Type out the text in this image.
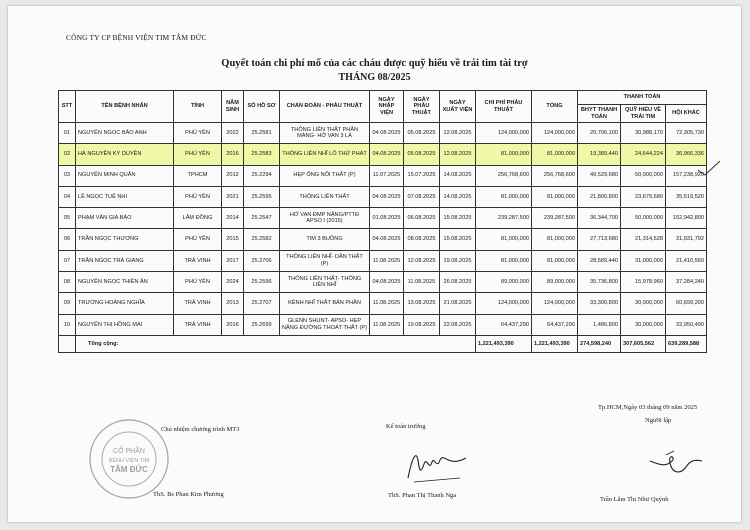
CÔNG TY CP BỆNH VIỆN TIM TÂM ĐỨC
Quyết toán chi phí mổ của các cháu được quỹ hiếu về trái tim tài trợ
THÁNG 08/2025
STT	TÊN BỆNH NHÂN	TỈNH	NĂM SINH	SỐ HỒ SƠ	CHẨN ĐOÁN - PHẪU THUẬT	NGÀY NHẬP VIỆN	NGÀY PHẪU THUẬT	NGÀY XUẤT VIỆN	CHI PHÍ PHẪU THUẬT	TỔNG	THANH TOÁN		
											BHYT THANH TOÁN	QUỸ HIẾU VỀ TRÁI TIM	HỘI KHÁC
01	NGUYỄN NGỌC BẢO ANH	PHÚ YÊN	2022	25.2581	THÔNG LIÊN THẤT PHẦN MÀNG- HỞ VAN 3 LÁ	04.08.2025	05.08.2025	12.08.2025	124,000,000	124,000,000	20,706,100	30,988,170	72,305,730
02	HÀ NGUYỄN KỲ DUYÊN	PHÚ YÊN	2016	25.2583	THÔNG LIÊN NHĨ LỖ THỨ PHÁT	04.08.2025	05.08.2025	12.08.2025	81,000,000	81,000,000	19,389,440	24,644,224	36,966,336
03	NGUYỄN MINH QUÂN	TPHCM	2012	25.2294	HẸP ỐNG NỐI THẤT (P)	11.07.2025	15.07.2025	14.08.2025	256,768,600	256,768,600	49,529,680	50,000,000	157,238,920
04	LÊ NGỌC TUỆ NHI	PHÚ YÊN	2021	25.2595	THÔNG LIÊN THẤT	04.08.2025	07.08.2025	14.08.2025	81,000,000	81,000,000	21,800,800	23,679,680	35,519,520
05	PHẠM VĂN GIA BẢO	LÂM ĐỒNG	2014	25.2547	HỞ VAN ĐMP NẶNG/PTTĐ APSO I (2015)	01.08.2025	06.08.2025	15.08.2025	239,287,500	239,287,500	36,344,700	50,000,000	152,942,800
06	TRẦN NGỌC THƯƠNG	PHÚ YÊN	2015	25.2582	TIM 3 BUỒNG	04.08.2025	08.08.2025	15.08.2025	81,000,000	81,000,000	27,713,680	21,314,528	31,931,792
07	TRẦN NGỌC TRÀ GIANG	TRÀ VINH	2017	25.2706	THÔNG LIÊN NHĨ- DÂN THẤT (P)	11.08.2025	12.08.2025	19.08.2025	81,000,000	81,000,000	28,589,440	31,000,000	21,410,560
08	NGUYỄN NGỌC THIÊN ÂN	PHÚ YÊN	2024	25.2596	THÔNG LIÊN THẤT- THÔNG LIÊN NHĨ	04.08.2025	11.08.2025	26.08.2025	89,000,000	89,000,000	35,736,800	15,978,960	37,284,240
09	TRƯƠNG HOÀNG NGHĨA	TRÀ VINH	2013	25.2707	KÊNH NHĨ THẤT BÁN PHẦN	11.08.2025	13.08.2025	21.08.2025	124,000,000	124,000,000	33,300,800	30,000,000	60,699,200
10	NGUYỄN THỊ HỒNG MAI	TRÀ VINH	2016	25.2699	GLENN SHUNT- APSO- HẸP NẶNG ĐƯỜNG THOÁT THẤT (P)	11.08.2025	19.08.2025	22.08.2025	64,437,290	64,437,290	1,486,800	30,000,000	32,950,490
	Tổng cộng:								1,221,493,390	1,221,493,390	274,598,240	307,605,562	639,289,588
CỔ PHẦN
BỆNH VIỆN TIM
TÂM ĐỨC
Chủ nhiệm chương trình MT3
ThS. Bs Phan Kim Phương
Kế toán trưởng
ThS. Phan Thị Thanh Nga
Tp.HCM,Ngày 03 tháng 09 năm 2025
Người lập
Trần Lâm Thị Như Quỳnh
